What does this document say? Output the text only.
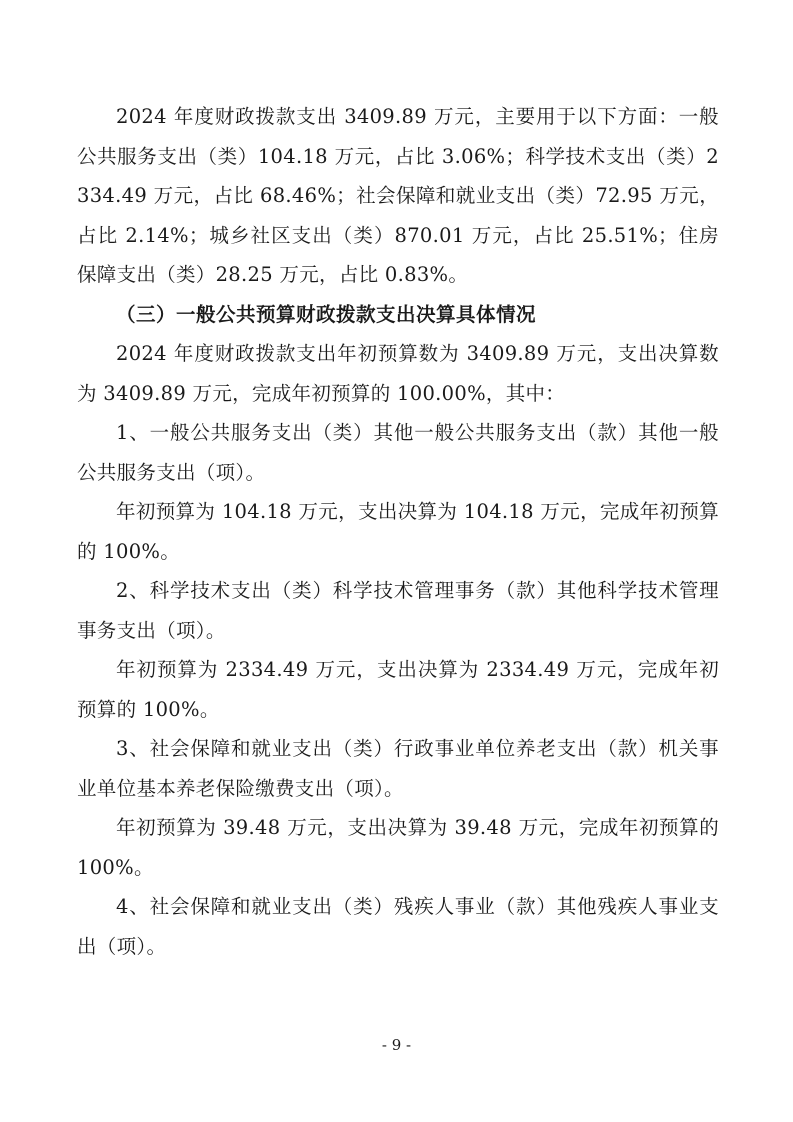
2024 年度财政拨款支出 3409.89 万元，主要用于以下方面：一般公共服务支出（类）104.18 万元，占比 3.06%；科学技术支出（类）2334.49 万元，占比 68.46%；社会保障和就业支出（类）72.95 万元，占比 2.14%；城乡社区支出（类）870.01 万元，占比 25.51%；住房保障支出（类）28.25 万元，占比 0.83%。

（三）一般公共预算财政拨款支出决算具体情况

2024 年度财政拨款支出年初预算数为 3409.89 万元，支出决算数为 3409.89 万元，完成年初预算的 100.00%，其中：

1、一般公共服务支出（类）其他一般公共服务支出（款）其他一般公共服务支出（项）。

年初预算为 104.18 万元，支出决算为 104.18 万元，完成年初预算的 100%。

2、科学技术支出（类）科学技术管理事务（款）其他科学技术管理事务支出（项）。

年初预算为 2334.49 万元，支出决算为 2334.49 万元，完成年初预算的 100%。

3、社会保障和就业支出（类）行政事业单位养老支出（款）机关事业单位基本养老保险缴费支出（项）。

年初预算为 39.48 万元，支出决算为 39.48 万元，完成年初预算的 100%。

4、社会保障和就业支出（类）残疾人事业（款）其他残疾人事业支出（项）。

- 9 -
